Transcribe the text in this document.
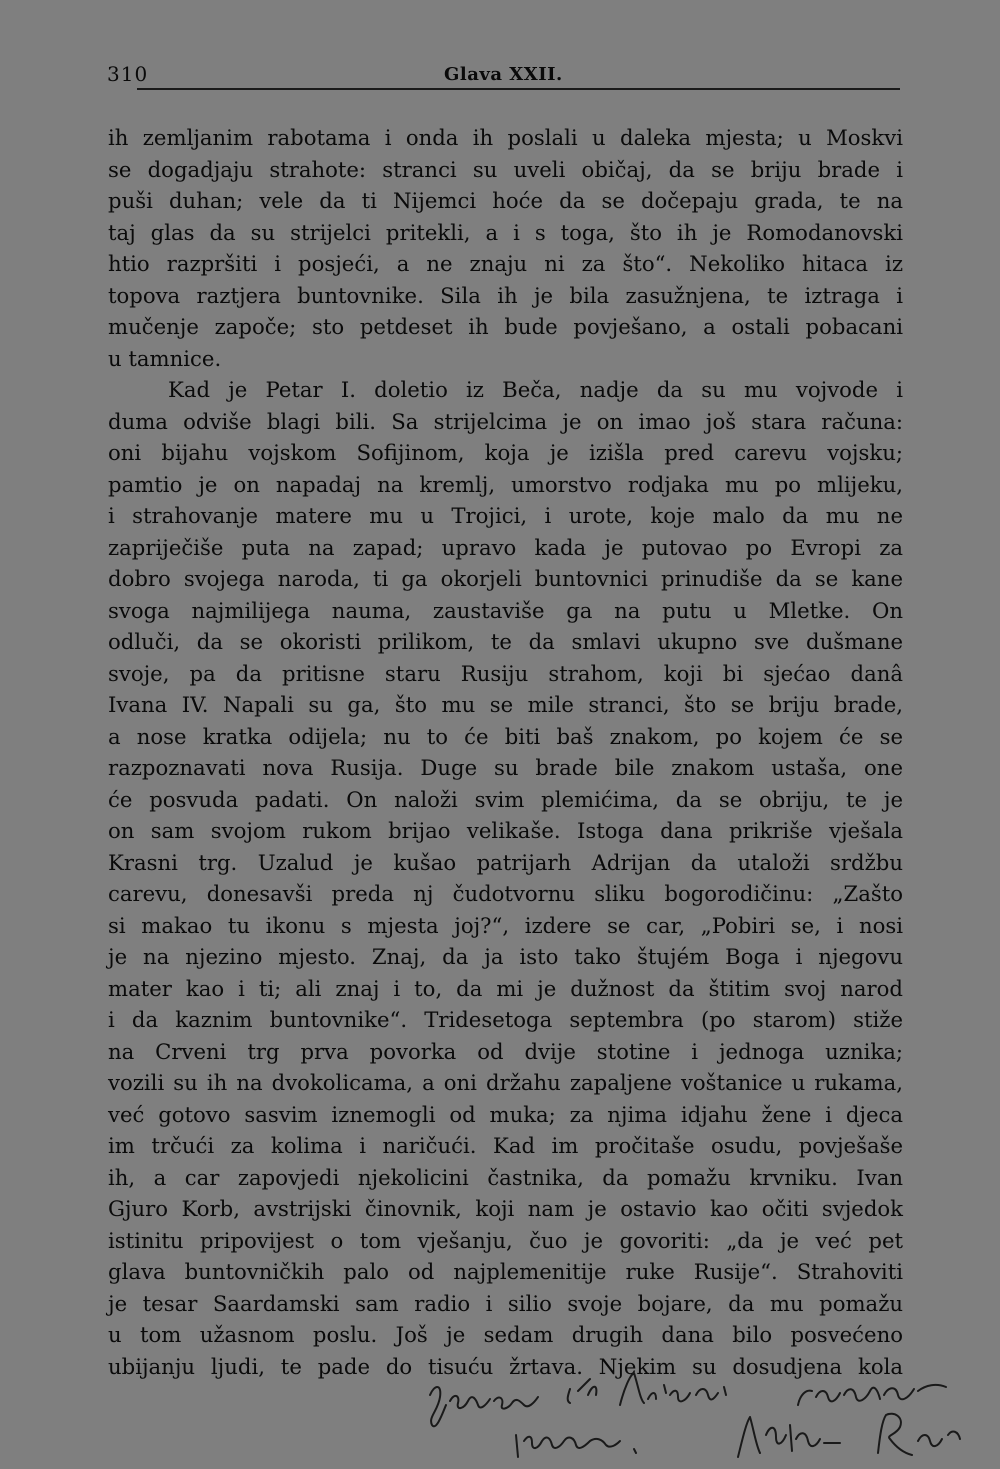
310	Glava XXII.
ih zemljanim rabotama i onda ih poslali u daleka mjesta; u Moskvi
se dogadjaju strahote: stranci su uveli običaj, da se briju brade i
puši duhan; vele da ti Nijemci hoće da se dočepaju grada, te na
taj glas da su strijelci pritekli, a i s toga, što ih je Romodanovski
htio razpršiti i posjeći, a ne znaju ni za što“. Nekoliko hitaca iz
topova raztjera buntovnike. Sila ih je bila zasužnjena, te iztraga i
mučenje započe; sto petdeset ih bude povješano, a ostali pobacani
u tamnice.
Kad je Petar I. doletio iz Beča, nadje da su mu vojvode i
duma odviše blagi bili. Sa strijelcima je on imao još stara računa:
oni bijahu vojskom Sofijinom, koja je izišla pred carevu vojsku;
pamtio je on napadaj na kremlj, umorstvo rodjaka mu po mlijeku,
i strahovanje matere mu u Trojici, i urote, koje malo da mu ne
zapriječiše puta na zapad; upravo kada je putovao po Evropi za
dobro svojega naroda, ti ga okorjeli buntovnici prinudiše da se kane
svoga najmilijega nauma, zaustaviše ga na putu u Mletke. On
odluči, da se okoristi prilikom, te da smlavi ukupno sve dušmane
svoje, pa da pritisne staru Rusiju strahom, koji bi sjećao danâ
Ivana IV. Napali su ga, što mu se mile stranci, što se briju brade,
a nose kratka odijela; nu to će biti baš znakom, po kojem će se
razpoznavati nova Rusija. Duge su brade bile znakom ustaša, one
će posvuda padati. On naloži svim plemićima, da se obriju, te je
on sam svojom rukom brijao velikaše. Istoga dana prikriše vješala
Krasni trg. Uzalud je kušao patrijarh Adrijan da utaloži srdžbu
carevu, donesavši preda nj čudotvornu sliku bogorodičinu: „Zašto
si makao tu ikonu s mjesta joj?“, izdere se car, „Pobiri se, i nosi
je na njezino mjesto. Znaj, da ja isto tako štujém Boga i njegovu
mater kao i ti; ali znaj i to, da mi je dužnost da štitim svoj narod
i da kaznim buntovnike“. Tridesetoga septembra (po starom) stiže
na Crveni trg prva povorka od dvije stotine i jednoga uznika;
vozili su ih na dvokolicama, a oni držahu zapaljene voštanice u rukama,
već gotovo sasvim iznemogli od muka; za njima idjahu žene i djeca
im trčući za kolima i naričući. Kad im pročitaše osudu, povješaše
ih, a car zapovjedi njekolicini častnika, da pomažu krvniku. Ivan
Gjuro Korb, avstrijski činovnik, koji nam je ostavio kao očiti svjedok
istinitu pripovijest o tom vješanju, čuo je govoriti: „da je već pet
glava buntovničkih palo od najplemenitije ruke Rusije“. Strahoviti
je tesar Saardamski sam radio i silio svoje bojare, da mu pomažu
u tom užasnom poslu. Još je sedam drugih dana bilo posvećeno
ubijanju ljudi, te pade do tisuću žrtava. Njekim su dosudjena kola
